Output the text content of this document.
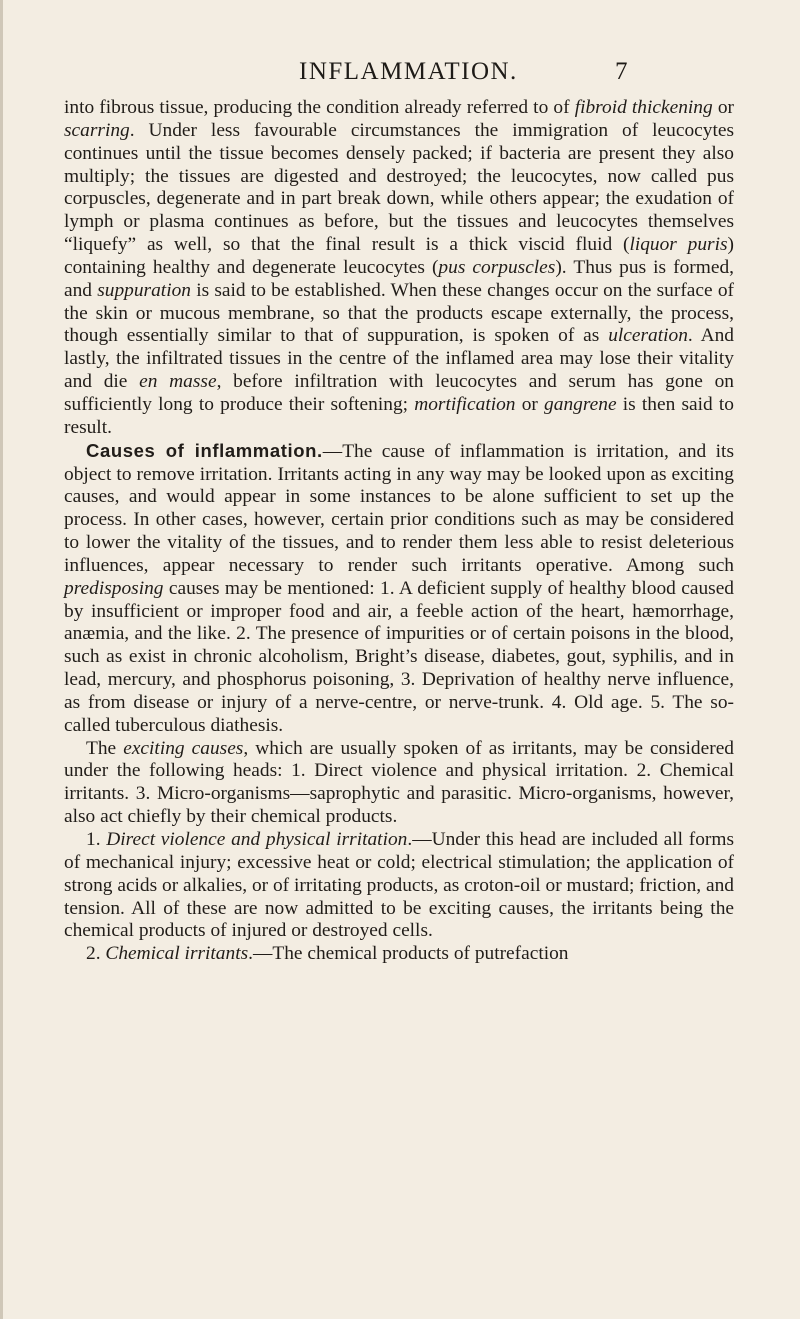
INFLAMMATION.	7

into fibrous tissue, producing the condition already referred to of fibroid thickening or scarring. Under less favourable circumstances the immigration of leucocytes continues until the tissue becomes densely packed; if bacteria are present they also multiply; the tissues are digested and destroyed; the leucocytes, now called pus corpuscles, degenerate and in part break down, while others appear; the exudation of lymph or plasma continues as before, but the tissues and leucocytes themselves “liquefy” as well, so that the final result is a thick viscid fluid (liquor puris) containing healthy and degenerate leucocytes (pus corpuscles). Thus pus is formed, and suppuration is said to be established. When these changes occur on the surface of the skin or mucous membrane, so that the products escape externally, the process, though essentially similar to that of suppuration, is spoken of as ulceration. And lastly, the infiltrated tissues in the centre of the inflamed area may lose their vitality and die en masse, before infiltration with leucocytes and serum has gone on sufficiently long to produce their softening; mortification or gangrene is then said to result.

Causes of inflammation.—The cause of inflammation is irritation, and its object to remove irritation. Irritants acting in any way may be looked upon as exciting causes, and would appear in some instances to be alone sufficient to set up the process. In other cases, however, certain prior conditions such as may be considered to lower the vitality of the tissues, and to render them less able to resist deleterious influences, appear necessary to render such irritants operative. Among such predisposing causes may be mentioned: 1. A deficient supply of healthy blood caused by insufficient or improper food and air, a feeble action of the heart, hæmorrhage, anæmia, and the like. 2. The presence of impurities or of certain poisons in the blood, such as exist in chronic alcoholism, Bright’s disease, diabetes, gout, syphilis, and in lead, mercury, and phosphorus poisoning, 3. Deprivation of healthy nerve influence, as from disease or injury of a nerve-centre, or nerve-trunk. 4. Old age. 5. The so-called tuberculous diathesis.

The exciting causes, which are usually spoken of as irritants, may be considered under the following heads: 1. Direct violence and physical irritation. 2. Chemical irritants. 3. Micro-organisms—saprophytic and parasitic. Micro-organisms, however, also act chiefly by their chemical products.

1. Direct violence and physical irritation.—Under this head are included all forms of mechanical injury; excessive heat or cold; electrical stimulation; the application of strong acids or alkalies, or of irritating products, as croton-oil or mustard; friction, and tension. All of these are now admitted to be exciting causes, the irritants being the chemical products of injured or destroyed cells.

2. Chemical irritants.—The chemical products of putrefaction
